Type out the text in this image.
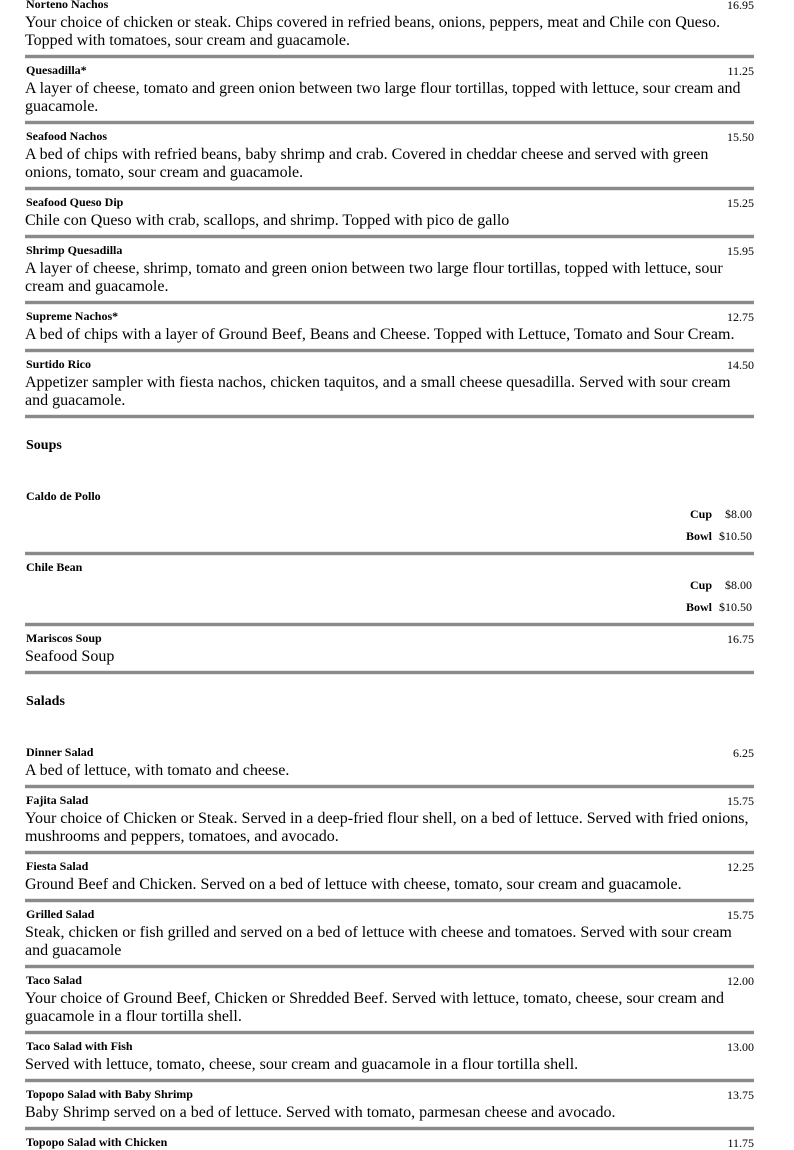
Norteno Nachos	16.95
Your choice of chicken or steak. Chips covered in refried beans, onions, peppers, meat and Chile con Queso. Topped with tomatoes, sour cream and guacamole.
Quesadilla*	11.25
A layer of cheese, tomato and green onion between two large flour tortillas, topped with lettuce, sour cream and guacamole.
Seafood Nachos	15.50
A bed of chips with refried beans, baby shrimp and crab. Covered in cheddar cheese and served with green onions, tomato, sour cream and guacamole.
Seafood Queso Dip	15.25
Chile con Queso with crab, scallops, and shrimp. Topped with pico de gallo
Shrimp Quesadilla	15.95
A layer of cheese, shrimp, tomato and green onion between two large flour tortillas, topped with lettuce, sour cream and guacamole.
Supreme Nachos*	12.75
A bed of chips with a layer of Ground Beef, Beans and Cheese. Topped with Lettuce, Tomato and Sour Cream.
Surtido Rico	14.50
Appetizer sampler with fiesta nachos, chicken taquitos, and a small cheese quesadilla. Served with sour cream and guacamole.
Soups
Caldo de Pollo
Cup $8.00
Bowl $10.50
Chile Bean
Cup $8.00
Bowl $10.50
Mariscos Soup	16.75
Seafood Soup
Salads
Dinner Salad	6.25
A bed of lettuce, with tomato and cheese.
Fajita Salad	15.75
Your choice of Chicken or Steak. Served in a deep-fried flour shell, on a bed of lettuce. Served with fried onions, mushrooms and peppers, tomatoes, and avocado.
Fiesta Salad	12.25
Ground Beef and Chicken. Served on a bed of lettuce with cheese, tomato, sour cream and guacamole.
Grilled Salad	15.75
Steak, chicken or fish grilled and served on a bed of lettuce with cheese and tomatoes. Served with sour cream and guacamole
Taco Salad	12.00
Your choice of Ground Beef, Chicken or Shredded Beef. Served with lettuce, tomato, cheese, sour cream and guacamole in a flour tortilla shell.
Taco Salad with Fish	13.00
Served with lettuce, tomato, cheese, sour cream and guacamole in a flour tortilla shell.
Topopo Salad with Baby Shrimp	13.75
Baby Shrimp served on a bed of lettuce. Served with tomato, parmesan cheese and avocado.
Topopo Salad with Chicken	11.75
